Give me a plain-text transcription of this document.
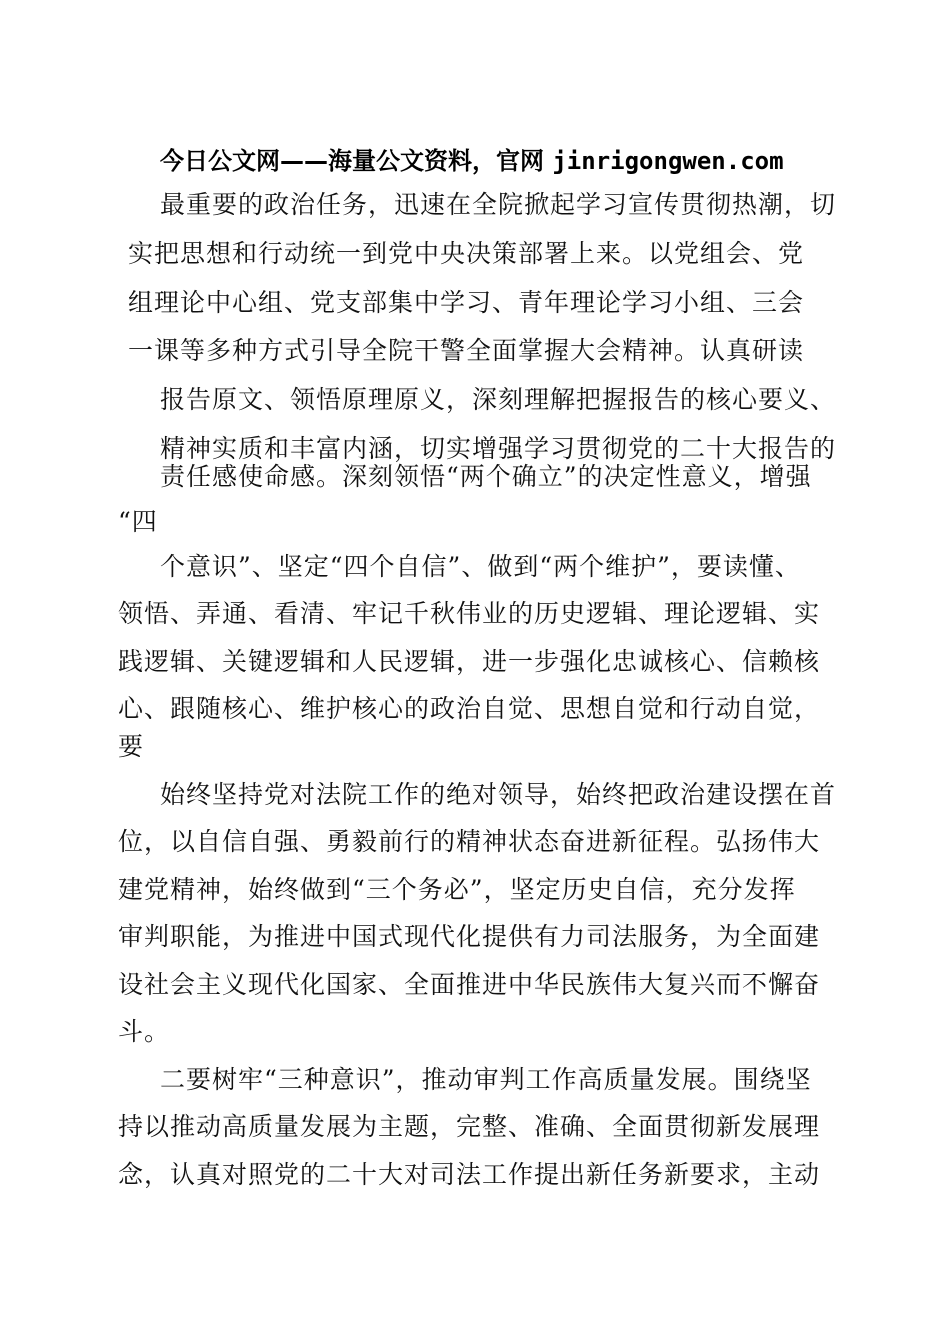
今日公文网——海量公文资料，官网 jinrigongwen.com
最重要的政治任务，迅速在全院掀起学习宣传贯彻热潮，切
实把思想和行动统一到党中央决策部署上来。以党组会、党
组理论中心组、党支部集中学习、青年理论学习小组、三会
一课等多种方式引导全院干警全面掌握大会精神。认真研读
报告原文、领悟原理原义，深刻理解把握报告的核心要义、
精神实质和丰富内涵，切实增强学习贯彻党的二十大报告的
责任感使命感。深刻领悟“两个确立”的决定性意义，增强
“四
个意识”、坚定“四个自信”、做到“两个维护”，要读懂、
领悟、弄通、看清、牢记千秋伟业的历史逻辑、理论逻辑、实
践逻辑、关键逻辑和人民逻辑，进一步强化忠诚核心、信赖核
心、跟随核心、维护核心的政治自觉、思想自觉和行动自觉，
要
始终坚持党对法院工作的绝对领导，始终把政治建设摆在首
位，以自信自强、勇毅前行的精神状态奋进新征程。弘扬伟大
建党精神，始终做到“三个务必”，坚定历史自信，充分发挥
审判职能，为推进中国式现代化提供有力司法服务，为全面建
设社会主义现代化国家、全面推进中华民族伟大复兴而不懈奋
斗。
二要树牢“三种意识”，推动审判工作高质量发展。围绕坚
持以推动高质量发展为主题，完整、准确、全面贯彻新发展理
念，认真对照党的二十大对司法工作提出新任务新要求，主动
